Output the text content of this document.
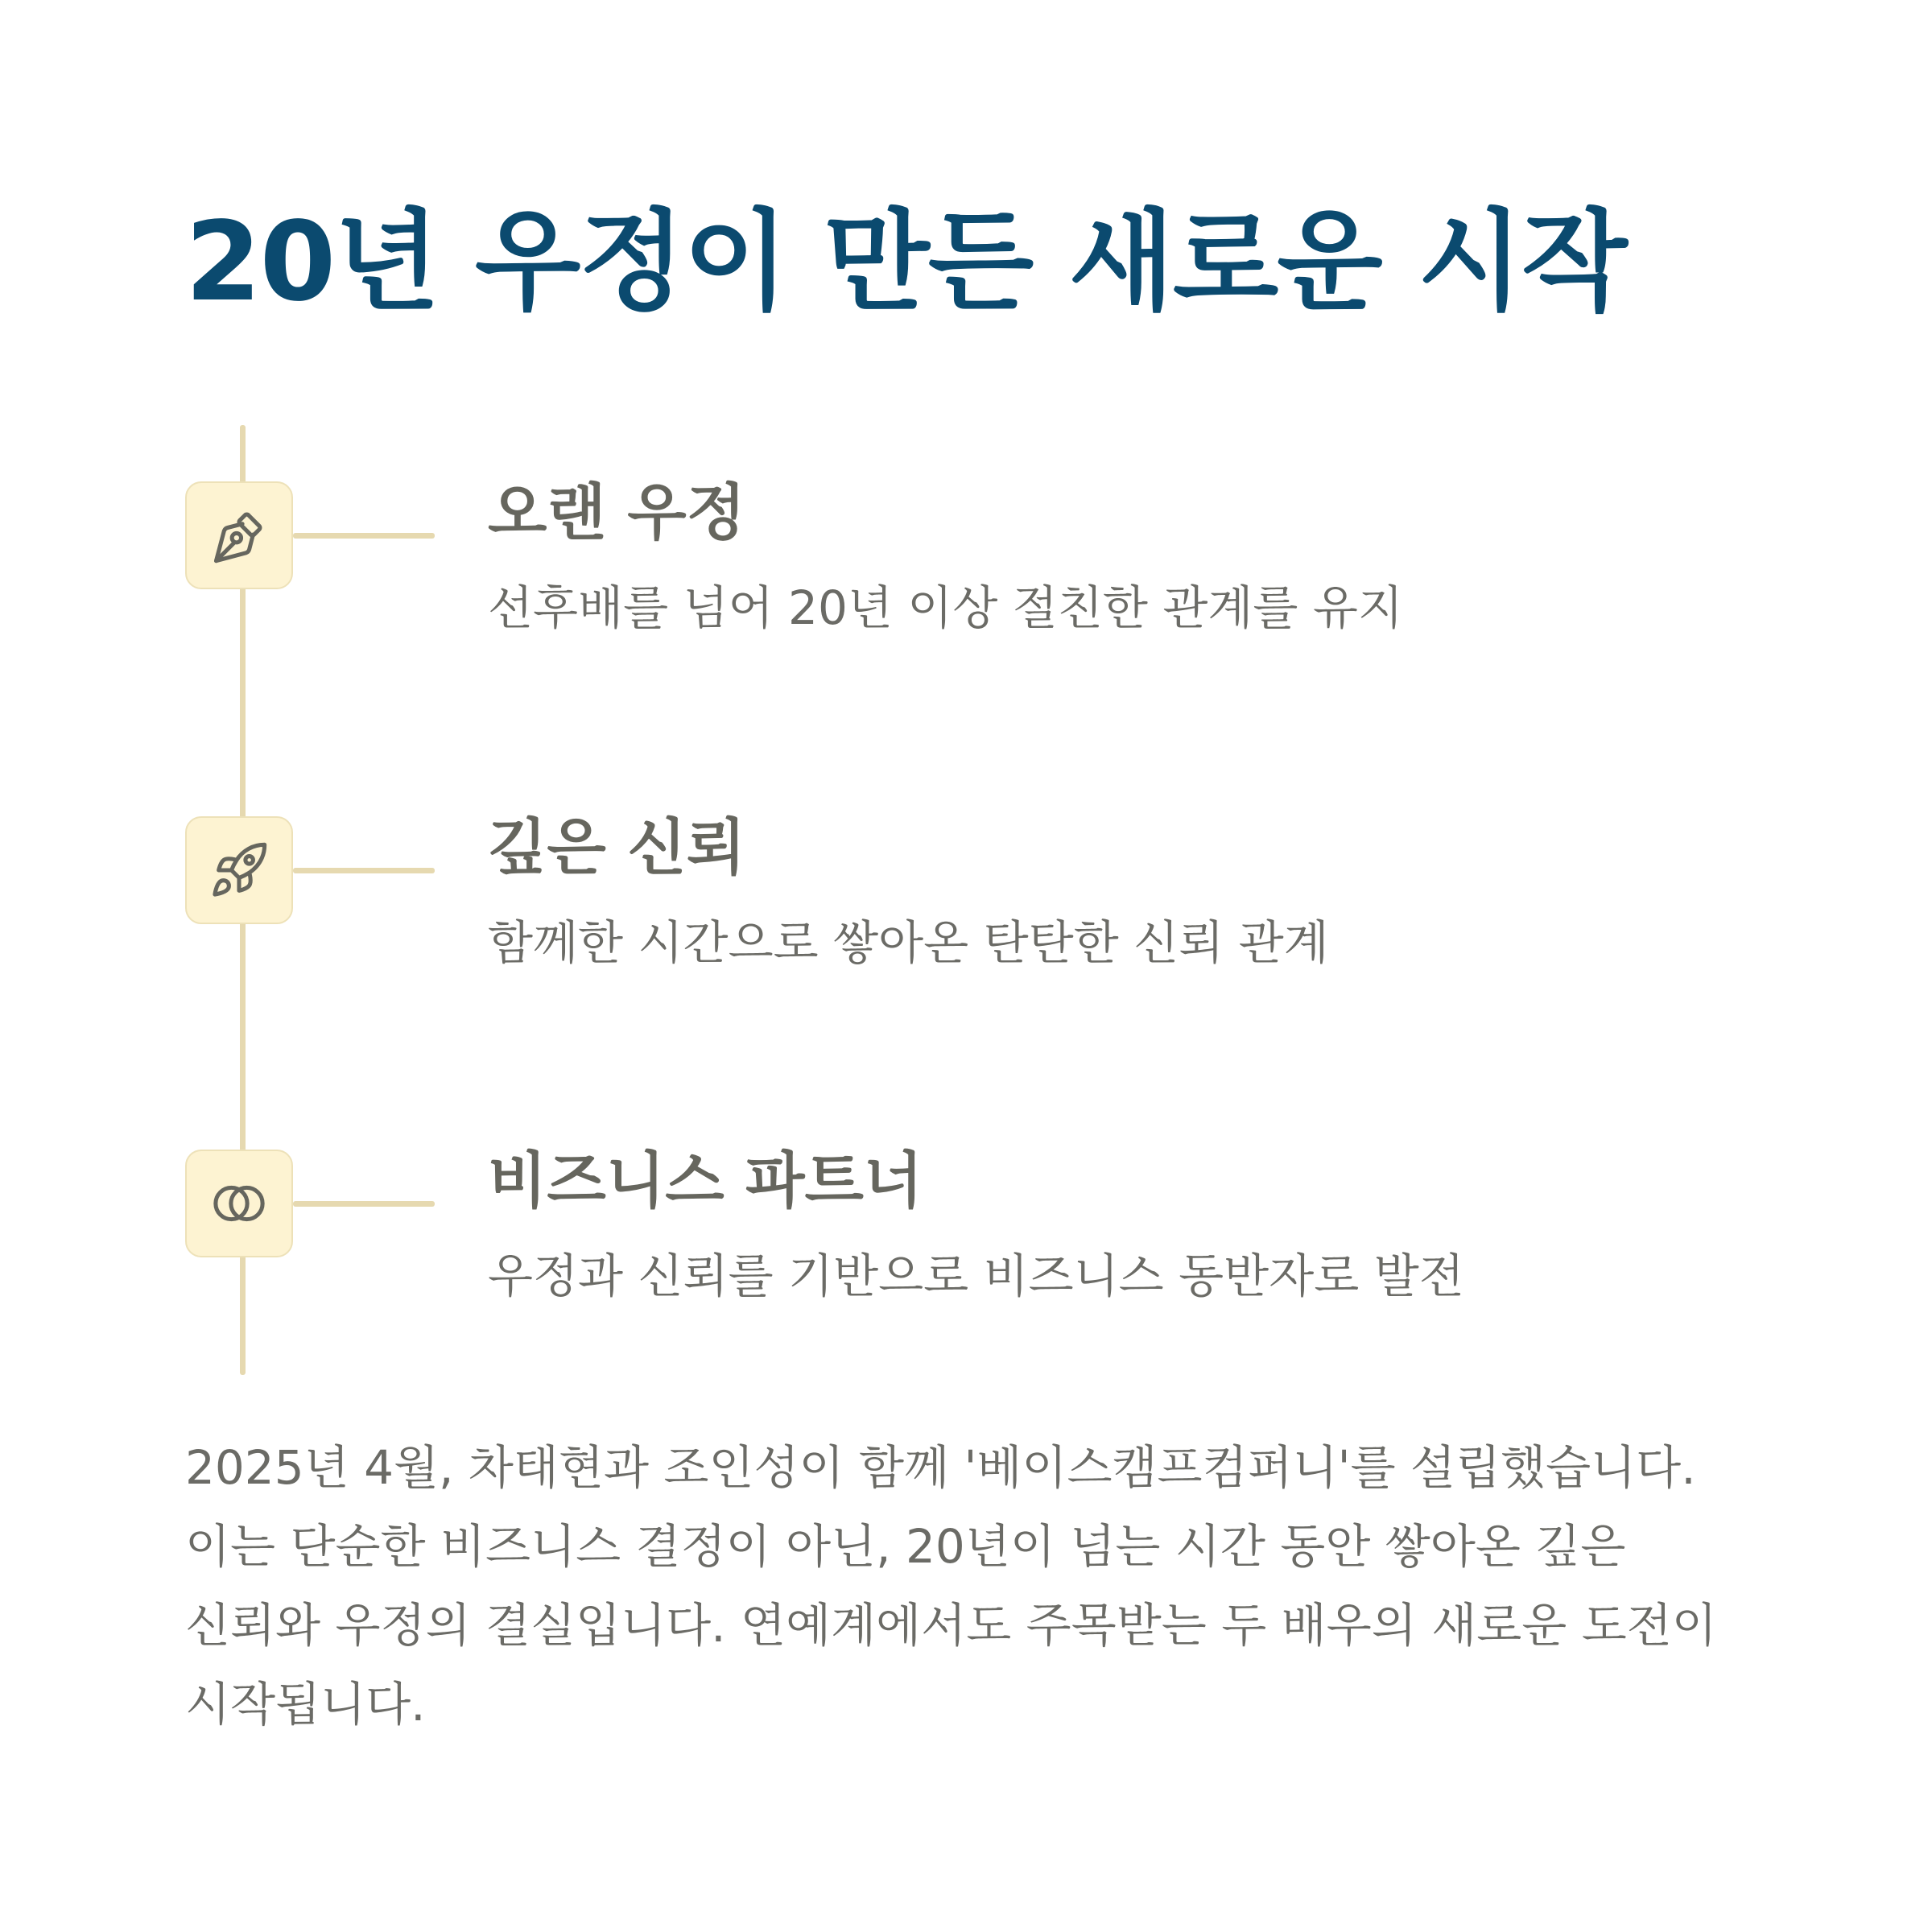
20년 우정이 만든 새로운 시작
오랜 우정
선후배를 넘어 20년 이상 절친한 관계를 유지
깊은 신뢰
함께한 시간으로 쌓아온 탄탄한 신뢰 관계
비즈니스 파트너
우정과 신뢰를 기반으로 비즈니스 동반자로 발전

2025년 4월, 차태현과 조인성이 함께 '베이스캠프컴퍼니'를 설립했습니다. 이는 단순한 비즈니스 결정이 아닌, 20년이 넘는 시간 동안 쌓아온 깊은 신뢰와 우정의 결실입니다. 연예계에서도 주목받는 두 배우의 새로운 도전이 시작됩니다.
